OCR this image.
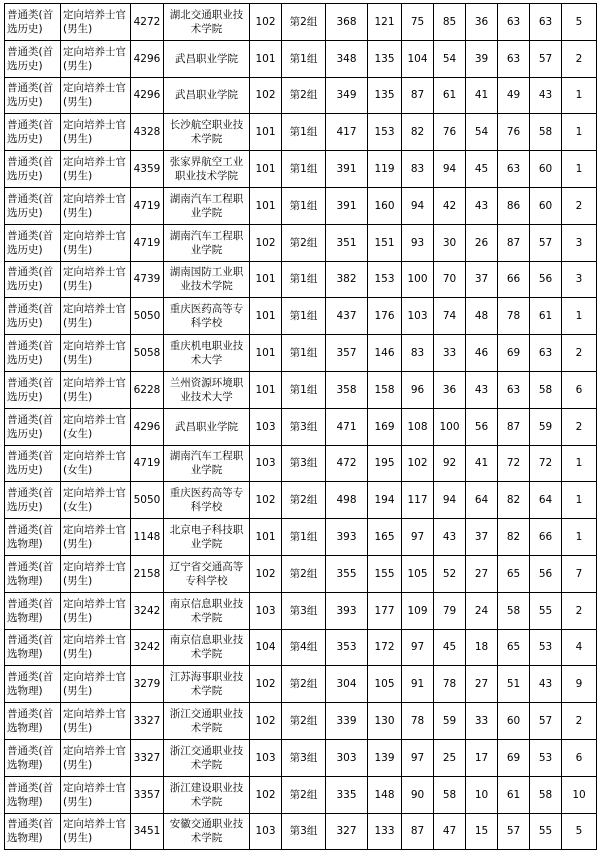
普通类(首选历史)	定向培养士官(男生)	4272	湖北交通职业技术学院	102	第2组	368	121	75	85	36	63	63	5
普通类(首选历史)	定向培养士官(男生)	4296	武昌职业学院	101	第1组	348	135	104	54	39	63	57	2
普通类(首选历史)	定向培养士官(男生)	4296	武昌职业学院	102	第2组	349	135	87	61	41	49	43	1
普通类(首选历史)	定向培养士官(男生)	4328	长沙航空职业技术学院	101	第1组	417	153	82	76	54	76	58	1
普通类(首选历史)	定向培养士官(男生)	4359	张家界航空工业职业技术学院	101	第1组	391	119	83	94	45	63	60	1
普通类(首选历史)	定向培养士官(男生)	4719	湖南汽车工程职业学院	101	第1组	391	160	94	42	43	86	60	2
普通类(首选历史)	定向培养士官(男生)	4719	湖南汽车工程职业学院	102	第2组	351	151	93	30	26	87	57	3
普通类(首选历史)	定向培养士官(男生)	4739	湖南国防工业职业技术学院	101	第1组	382	153	100	70	37	66	56	3
普通类(首选历史)	定向培养士官(男生)	5050	重庆医药高等专科学校	101	第1组	437	176	103	74	48	78	61	1
普通类(首选历史)	定向培养士官(男生)	5058	重庆机电职业技术大学	101	第1组	357	146	83	33	46	69	63	2
普通类(首选历史)	定向培养士官(男生)	6228	兰州资源环境职业技术大学	101	第1组	358	158	96	36	43	63	58	6
普通类(首选历史)	定向培养士官(女生)	4296	武昌职业学院	103	第3组	471	169	108	100	56	87	59	2
普通类(首选历史)	定向培养士官(女生)	4719	湖南汽车工程职业学院	103	第3组	472	195	102	92	41	72	72	1
普通类(首选历史)	定向培养士官(女生)	5050	重庆医药高等专科学校	102	第2组	498	194	117	94	64	82	64	1
普通类(首选物理)	定向培养士官(男生)	1148	北京电子科技职业学院	101	第1组	393	165	97	43	37	82	66	1
普通类(首选物理)	定向培养士官(男生)	2158	辽宁省交通高等专科学校	102	第2组	355	155	105	52	27	65	56	7
普通类(首选物理)	定向培养士官(男生)	3242	南京信息职业技术学院	103	第3组	393	177	109	79	24	58	55	2
普通类(首选物理)	定向培养士官(男生)	3242	南京信息职业技术学院	104	第4组	353	172	97	45	18	65	53	4
普通类(首选物理)	定向培养士官(男生)	3279	江苏海事职业技术学院	102	第2组	304	105	91	78	27	51	43	9
普通类(首选物理)	定向培养士官(男生)	3327	浙江交通职业技术学院	102	第2组	339	130	78	59	33	60	57	2
普通类(首选物理)	定向培养士官(男生)	3327	浙江交通职业技术学院	103	第3组	303	139	97	25	17	69	53	6
普通类(首选物理)	定向培养士官(男生)	3357	浙江建设职业技术学院	102	第2组	335	148	90	58	10	61	58	10
普通类(首选物理)	定向培养士官(男生)	3451	安徽交通职业技术学院	103	第3组	327	133	87	47	15	57	55	5
